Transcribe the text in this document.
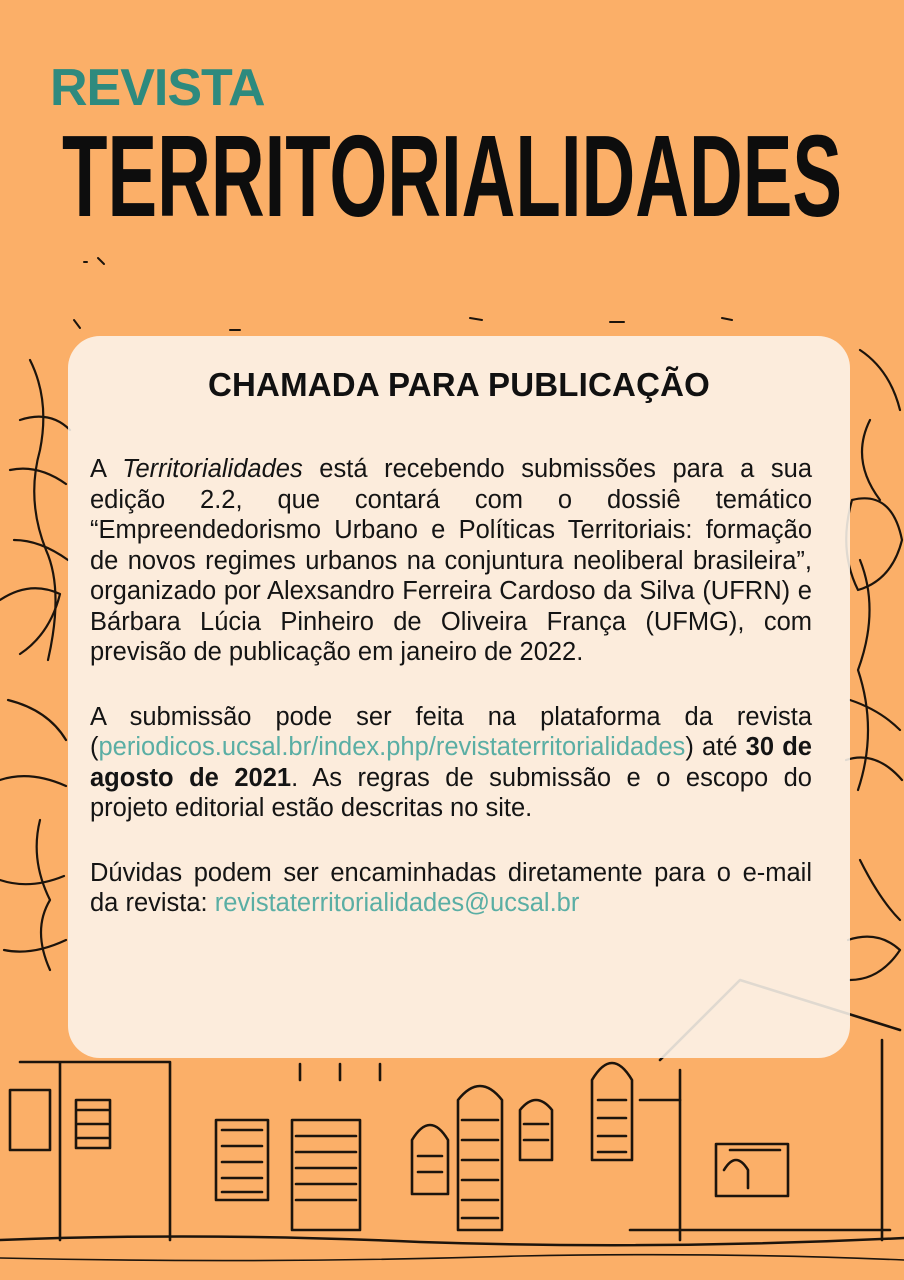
REVISTA
TERRITORIALIDADES
CHAMADA PARA PUBLICAÇÃO

A Territorialidades está recebendo submissões para a sua edição 2.2, que contará com o dossiê temático “Empreendedorismo Urbano e Políticas Territoriais: formação de novos regimes urbanos na conjuntura neoliberal brasileira”, organizado por Alexsandro Ferreira Cardoso da Silva (UFRN) e Bárbara Lúcia Pinheiro de Oliveira França (UFMG), com previsão de publicação em janeiro de 2022.

A submissão pode ser feita na plataforma da revista (periodicos.ucsal.br/index.php/revistaterritorialidades) até 30 de agosto de 2021. As regras de submissão e o escopo do projeto editorial estão descritas no site.

Dúvidas podem ser encaminhadas diretamente para o e-mail da revista: revistaterritorialidades@ucsal.br
